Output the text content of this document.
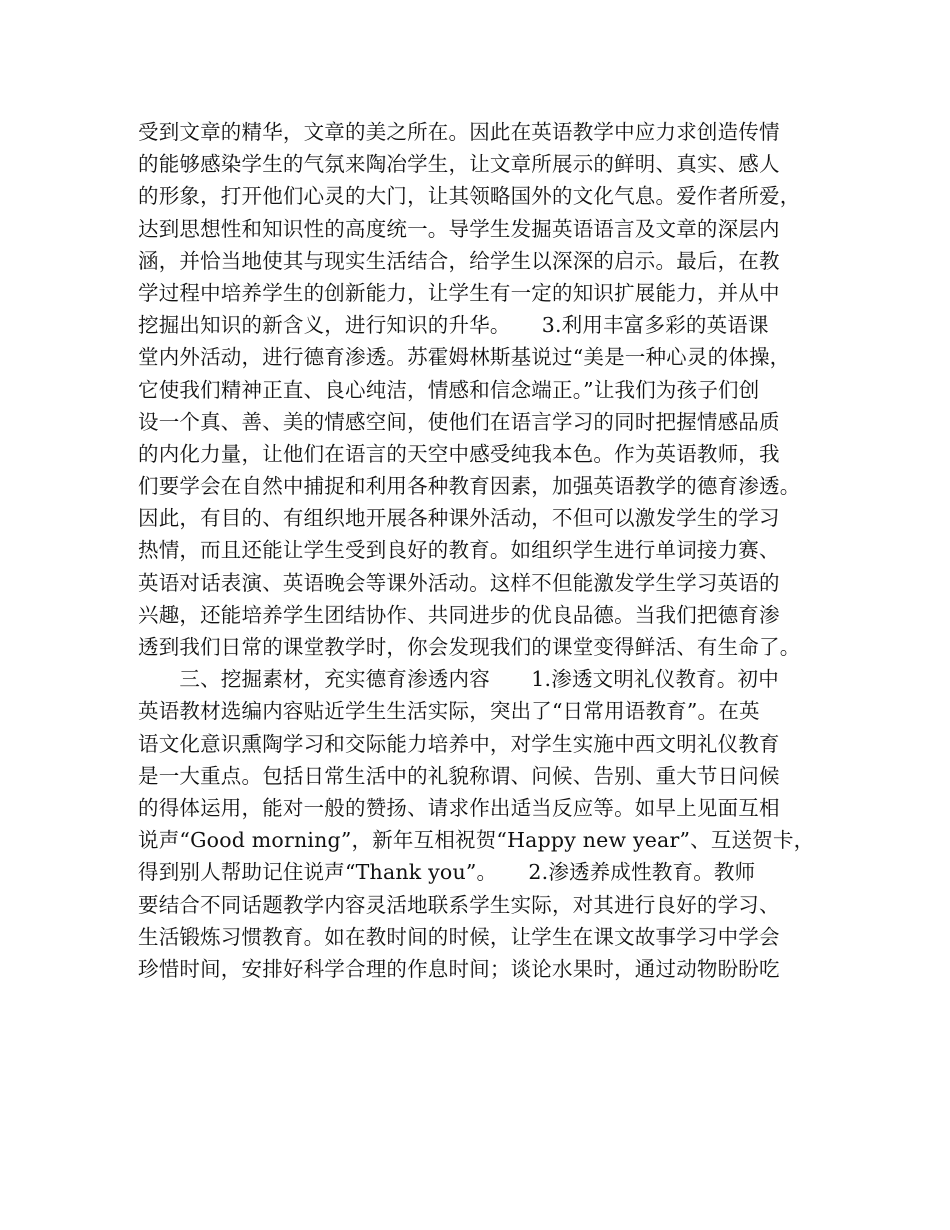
受到文章的精华，文章的美之所在。因此在英语教学中应力求创造传情
的能够感染学生的气氛来陶冶学生，让文章所展示的鲜明、真实、感人
的形象，打开他们心灵的大门，让其领略国外的文化气息。爱作者所爱，
达到思想性和知识性的高度统一。导学生发掘英语语言及文章的深层内
涵，并恰当地使其与现实生活结合，给学生以深深的启示。最后，在教
学过程中培养学生的创新能力，让学生有一定的知识扩展能力，并从中
挖掘出知识的新含义，进行知识的升华。　　3.利用丰富多彩的英语课
堂内外活动，进行德育渗透。苏霍姆林斯基说过“美是一种心灵的体操，
它使我们精神正直、良心纯洁，情感和信念端正。”让我们为孩子们创
设一个真、善、美的情感空间，使他们在语言学习的同时把握情感品质
的内化力量，让他们在语言的天空中感受纯我本色。作为英语教师，我
们要学会在自然中捕捉和利用各种教育因素，加强英语教学的德育渗透。
因此，有目的、有组织地开展各种课外活动，不但可以激发学生的学习
热情，而且还能让学生受到良好的教育。如组织学生进行单词接力赛、
英语对话表演、英语晚会等课外活动。这样不但能激发学生学习英语的
兴趣，还能培养学生团结协作、共同进步的优良品德。当我们把德育渗
透到我们日常的课堂教学时，你会发现我们的课堂变得鲜活、有生命了。
　　三、挖掘素材，充实德育渗透内容　　1.渗透文明礼仪教育。初中
英语教材选编内容贴近学生生活实际，突出了“日常用语教育”。在英
语文化意识熏陶学习和交际能力培养中，对学生实施中西文明礼仪教育
是一大重点。包括日常生活中的礼貌称谓、问候、告别、重大节日问候
的得体运用，能对一般的赞扬、请求作出适当反应等。如早上见面互相
说声“Good morning”，新年互相祝贺“Happy new year”、互送贺卡，
得到别人帮助记住说声“Thank you”。　　2.渗透养成性教育。教师
要结合不同话题教学内容灵活地联系学生实际，对其进行良好的学习、
生活锻炼习惯教育。如在教时间的时候，让学生在课文故事学习中学会
珍惜时间，安排好科学合理的作息时间；谈论水果时，通过动物盼盼吃
